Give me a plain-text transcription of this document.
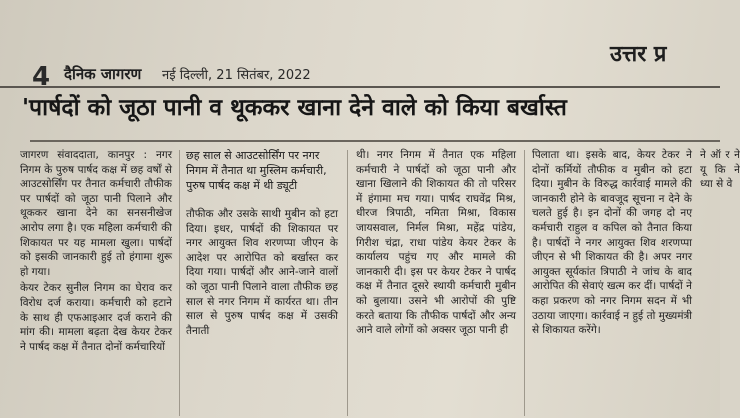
4 दैनिक जागरण नई दिल्ली, 21 सितंबर, 2022
उत्तर प्र
'पार्षदों को जूठा पानी व थूककर खाना देने वाले को किया बर्खास्त

जागरण संवाददाता, कानपुर : नगर निगम के पुरुष पार्षद कक्ष में छह वर्षों से आउटसोर्सिंग पर तैनात कर्मचारी तौफीक पर पार्षदों को जूठा पानी पिलाने और थूककर खाना देने का सनसनीखेज आरोप लगा है। एक महिला कर्मचारी की शिकायत पर यह मामला खुला। पार्षदों को इसकी जानकारी हुई तो हंगामा शुरू हो गया।

केयर टेकर सुनील निगम का घेराव कर विरोध दर्ज कराया। कर्मचारी को हटाने के साथ ही एफआइआर दर्ज कराने की मांग की। मामला बढ़ता देख केयर टेकर ने पार्षद कक्ष में तैनात दोनों कर्मचारियों

छह साल से आउटसोर्सिंग पर नगर निगम में तैनात था मुस्लिम कर्मचारी, पुरुष पार्षद कक्ष में थी ड्यूटी

तौफीक और उसके साथी मुबीन को हटा दिया। इधर, पार्षदों की शिकायत पर नगर आयुक्त शिव शरणप्पा जीएन के आदेश पर आरोपित को बर्खास्त कर दिया गया। पार्षदों और आने-जाने वालों को जूठा पानी पिलाने वाला तौफीक छह साल से नगर निगम में कार्यरत था। तीन साल से पुरुष पार्षद कक्ष में उसकी तैनाती

थी। नगर निगम में तैनात एक महिला कर्मचारी ने पार्षदों को जूठा पानी और खाना खिलाने की शिकायत की तो परिसर में हंगामा मच गया। पार्षद राघवेंद्र मिश्र, धीरज त्रिपाठी, नमिता मिश्रा, विकास जायसवाल, निर्मल मिश्रा, महेंद्र पांडेय, गिरीश चंद्रा, राधा पांडेय केयर टेकर के कार्यालय पहुंच गए और मामले की जानकारी दी। इस पर केयर टेकर ने पार्षद कक्ष में तैनात दूसरे स्थायी कर्मचारी मुबीन को बुलाया। उसने भी आरोपों की पुष्टि करते बताया कि तौफीक पार्षदों और अन्य आने वाले लोगों को अक्सर जूठा पानी ही

पिलाता था। इसके बाद, केयर टेकर ने दोनों कर्मियों तौफीक व मुबीन को हटा दिया। मुबीन के विरुद्ध कार्रवाई मामले की जानकारी होने के बावजूद सूचना न देने के चलते हुई है। इन दोनों की जगह दो नए कर्मचारी राहुल व कपिल को तैनात किया है। पार्षदों ने नगर आयुक्त शिव शरणप्पा जीएन से भी शिकायत की है। अपर नगर आयुक्त सूर्यकांत त्रिपाठी ने जांच के बाद आरोपित की सेवाएं खत्म कर दीं। पार्षदों ने कहा प्रकरण को नगर निगम सदन में भी उठाया जाएगा। कार्रवाई न हुई तो मुख्यमंत्री से शिकायत करेंगे।

ने ऑ र ने यू कि ने ध्या से वे
